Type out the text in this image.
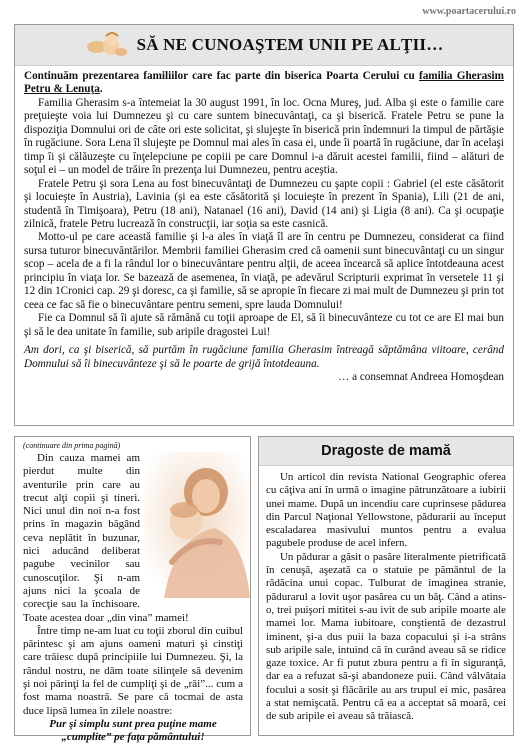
www.poartacerului.ro
SĂ NE CUNOAŞTEM UNII PE ALŢII…

Continuăm prezentarea familiilor care fac parte din biserica Poarta Cerului cu familia Gherasim Petru & Lenuţa.

Familia Gherasim s-a întemeiat la 30 august 1991, în loc. Ocna Mureş, jud. Alba şi este o familie care preţuieşte voia lui Dumnezeu şi cu care suntem binecuvântaţi, ca şi biserică. Fratele Petru se pune la dispoziţia Domnului ori de câte ori este solicitat, şi slujeşte în biserică prin îndemnuri la timpul de părtăşie în rugăciune. Sora Lena îl slujeşte pe Domnul mai ales în casa ei, unde îi poartă în rugăciune, dar în acelaşi timp îi şi călăuzeşte cu înţelepciune pe copiii pe care Domnul i-a dăruit acestei familii, fiind – alături de soţul ei – un model de trăire în prezenţa lui Dumnezeu, pentru aceştia.

Fratele Petru şi sora Lena au fost binecuvântaţi de Dumnezeu cu şapte copii : Gabriel (el este căsătorit şi locuieşte în Austria), Lavinia (şi ea este căsătorită şi locuieşte în prezent în Spania), Lili (21 de ani, studentă în Timişoara), Petru (18 ani), Natanael (16 ani), David (14 ani) şi Ligia (8 ani). Ca şi ocupaţie zilnică, fratele Petru lucrează în construcţii, iar soţia sa este casnică.

Motto-ul pe care această familie şi l-a ales în viaţă îl are în centru pe Dumnezeu, considerat ca fiind sursa tuturor binecuvântărilor. Membrii familiei Gherasim cred că oamenii sunt binecuvântaţi cu un singur scop – acela de a fi la rândul lor o binecuvântare pentru alţii, de aceea încearcă să aplice întotdeauna acest principiu în viaţa lor. Se bazează de asemenea, în viaţă, pe adevărul Scripturii exprimat în versetele 11 şi 12 din 1Cronici cap. 29 şi doresc, ca şi familie, să se apropie în fiecare zi mai mult de Dumnezeu şi prin tot ceea ce fac să fie o binecuvântare pentru semeni, spre lauda Domnului!

Fie ca Domnul să îi ajute să rămână cu toţii aproape de El, să îi binecuvânteze cu tot ce are El mai bun şi să le dea unitate în familie, sub aripile dragostei Lui!

Am dori, ca şi biserică, să purtăm în rugăciune familia Gherasim întreagă săptămâna viitoare, cerând Domnului să îi binecuvânteze şi să le poarte de grijă întotdeauna.

… a consemnat Andreea Homoşdean

(continuare din prima pagină)

Din cauza mamei am pierdut multe din aventurile prin care au trecut alţi copii şi tineri. Nici unul din noi n-a fost prins în magazin băgând ceva neplătit în buzunar, nici aducând deliberat pagube vecinilor sau cunoscuţilor. Şi n-am ajuns nici la şcoala de corecţie sau la închisoare. Toate acestea doar „din vina” mamei!

Între timp ne-am luat cu toţii zborul din cuibul părintesc şi am ajuns oameni maturi şi cinstiţi care trăiesc după principiile lui Dumnezeu. Şi, la rândul nostru, ne dăm toate silinţele să devenim şi noi părinţi la fel de cumpliţi şi de „răi”... cum a fost mama noastră. Se pare că tocmai de asta duce lipsă lumea în zilele noastre:

Pur şi simplu sunt prea puţine mame
„cumplite” pe faţa pământului!

Dragoste de mamă

Un articol din revista National Geographic oferea cu câţiva ani în urmă o imagine pătrunzătoare a iubirii unei mame. După un incendiu care cuprinsese pădurea din Parcul Naţional Yellowstone, pădurarii au început escaladarea masivului muntos pentru a evalua pagubele produse de acel infern.

Un pădurar a găsit o pasăre literalmente pietrificată în cenuşă, aşezată ca o statuie pe pământul de la rădăcina unui copac. Tulburat de imaginea stranie, pădurarul a lovit uşor pasărea cu un băţ. Când a atins-o, trei puişori mititei s-au ivit de sub aripile moarte ale mamei lor. Mama iubitoare, conştientă de dezastrul iminent, şi-a dus puii la baza copacului şi i-a strâns sub aripile sale, intuind că în curând aveau să se ridice gaze toxice. Ar fi putut zbura pentru a fi în siguranţă, dar ea a refuzat să-şi abandoneze puii. Când vâlvătaia focului a sosit şi flăcările au ars trupul ei mic, pasărea a stat nemişcată. Pentru că ea a acceptat să moară, cei de sub aripile ei aveau să trăiască.
